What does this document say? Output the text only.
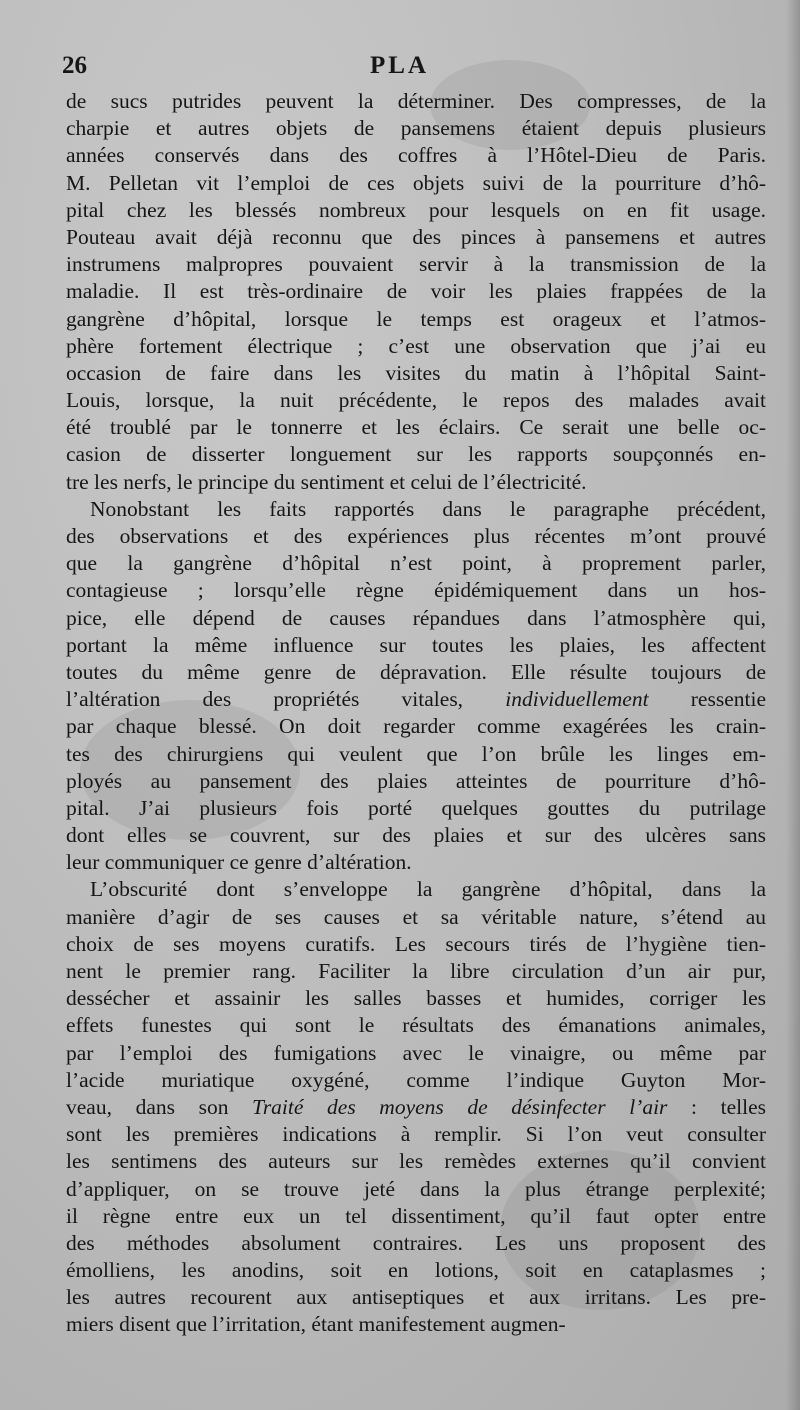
26	PLA
de sucs putrides peuvent la déterminer. Des compresses, de la
charpie et autres objets de pansemens étaient depuis plusieurs
années conservés dans des coffres à l’Hôtel-Dieu de Paris.
M. Pelletan vit l’emploi de ces objets suivi de la pourriture d’hô-
pital chez les blessés nombreux pour lesquels on en fit usage.
Pouteau avait déjà reconnu que des pinces à pansemens et autres
instrumens malpropres pouvaient servir à la transmission de la
maladie. Il est très-ordinaire de voir les plaies frappées de la
gangrène d’hôpital, lorsque le temps est orageux et l’atmos-
phère fortement électrique ; c’est une observation que j’ai eu
occasion de faire dans les visites du matin à l’hôpital Saint-
Louis, lorsque, la nuit précédente, le repos des malades avait
été troublé par le tonnerre et les éclairs. Ce serait une belle oc-
casion de disserter longuement sur les rapports soupçonnés en-
tre les nerfs, le principe du sentiment et celui de l’électricité.
Nonobstant les faits rapportés dans le paragraphe précédent,
des observations et des expériences plus récentes m’ont prouvé
que la gangrène d’hôpital n’est point, à proprement parler,
contagieuse ; lorsqu’elle règne épidémiquement dans un hos-
pice, elle dépend de causes répandues dans l’atmosphère qui,
portant la même influence sur toutes les plaies, les affectent
toutes du même genre de dépravation. Elle résulte toujours de
l’altération des propriétés vitales, individuellement ressentie
par chaque blessé. On doit regarder comme exagérées les crain-
tes des chirurgiens qui veulent que l’on brûle les linges em-
ployés au pansement des plaies atteintes de pourriture d’hô-
pital. J’ai plusieurs fois porté quelques gouttes du putrilage
dont elles se couvrent, sur des plaies et sur des ulcères sans
leur communiquer ce genre d’altération.
L’obscurité dont s’enveloppe la gangrène d’hôpital, dans la
manière d’agir de ses causes et sa véritable nature, s’étend au
choix de ses moyens curatifs. Les secours tirés de l’hygiène tien-
nent le premier rang. Faciliter la libre circulation d’un air pur,
dessécher et assainir les salles basses et humides, corriger les
effets funestes qui sont le résultats des émanations animales,
par l’emploi des fumigations avec le vinaigre, ou même par
l’acide muriatique oxygéné, comme l’indique Guyton Mor-
veau, dans son Traité des moyens de désinfecter l’air : telles
sont les premières indications à remplir. Si l’on veut consulter
les sentimens des auteurs sur les remèdes externes qu’il convient
d’appliquer, on se trouve jeté dans la plus étrange perplexité;
il règne entre eux un tel dissentiment, qu’il faut opter entre
des méthodes absolument contraires. Les uns proposent des
émolliens, les anodins, soit en lotions, soit en cataplasmes ;
les autres recourent aux antiseptiques et aux irritans. Les pre-
miers disent que l’irritation, étant manifestement augmen-
